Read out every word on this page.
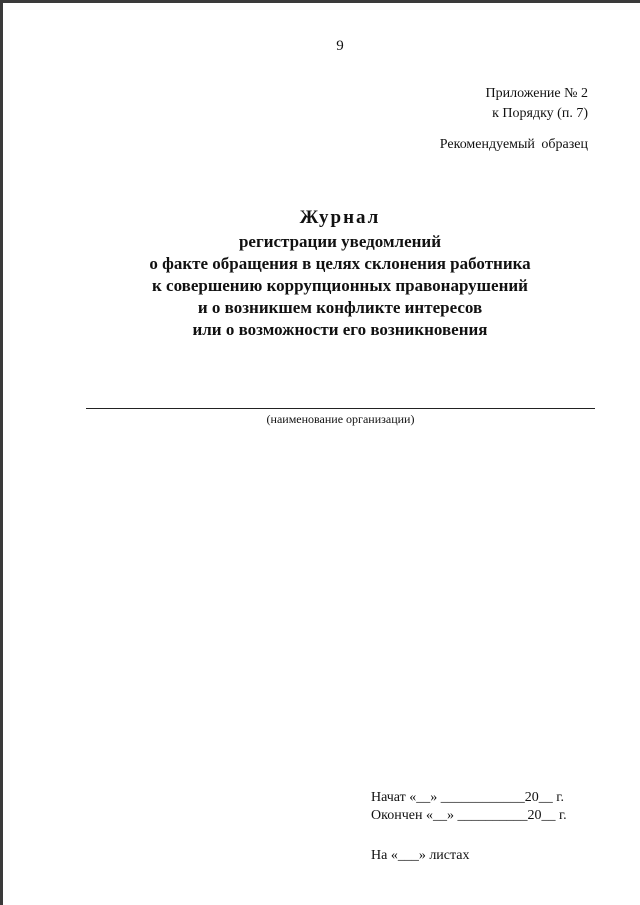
9
Приложение № 2
к Порядку (п. 7)
Рекомендуемый образец
Журнал
регистрации уведомлений
о факте обращения в целях склонения работника
к совершению коррупционных правонарушений
и о возникшем конфликте интересов
или о возможности его возникновения
(наименование организации)
Начат «__» ____________20__ г.
Окончен «__» __________20__ г.
На «___» листах
